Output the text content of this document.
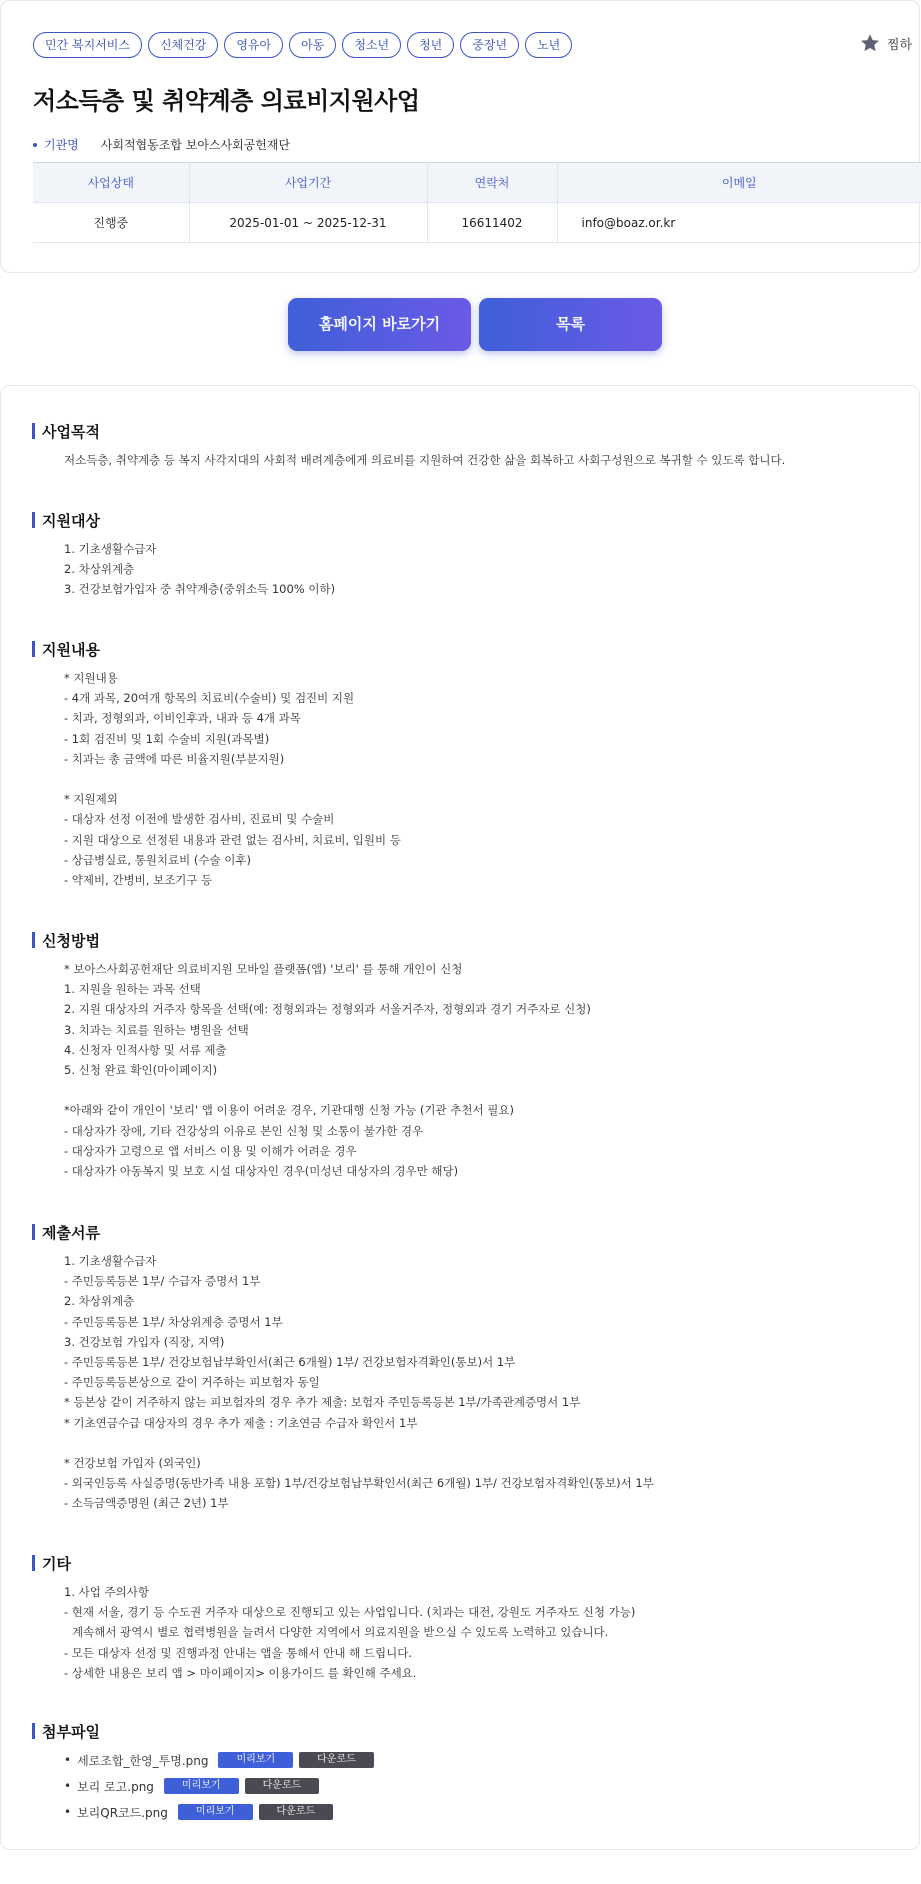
민간 복지서비스	신체건강	영유아	아동	청소년	청년	중장년	노년	찜하
저소득층 및 취약계층 의료비지원사업
기관명 사회적협동조합 보아스사회공헌재단
사업상태	사업기간	연락처	이메일
진행중	2025-01-01 ~ 2025-12-31	16611402	info@boaz.or.kr
홈페이지 바로가기	목록
사업목적
저소득층, 취약계층 등 복지 사각지대의 사회적 배려계층에게 의료비를 지원하여 건강한 삶을 회복하고 사회구성원으로 복귀할 수 있도록 합니다.
지원대상
1. 기초생활수급자
2. 차상위계층
3. 건강보험가입자 중 취약계층(중위소득 100% 이하)
지원내용
* 지원내용
- 4개 과목, 20여개 항목의 치료비(수술비) 및 검진비 지원
- 치과, 정형외과, 이비인후과, 내과 등 4개 과목
- 1회 검진비 및 1회 수술비 지원(과목별)
- 치과는 총 금액에 따른 비율지원(부분지원)
* 지원제외
- 대상자 선정 이전에 발생한 검사비, 진료비 및 수술비
- 지원 대상으로 선정된 내용과 관련 없는 검사비, 치료비, 입원비 등
- 상급병실료, 통원치료비 (수술 이후)
- 약제비, 간병비, 보조기구 등
신청방법
* 보아스사회공헌재단 의료비지원 모바일 플랫폼(앱) '보리' 를 통해 개인이 신청
1. 지원을 원하는 과목 선택
2. 지원 대상자의 거주자 항목을 선택(예: 정형외과는 정형외과 서울거주자, 정형외과 경기 거주자로 신청)
3. 치과는 치료를 원하는 병원을 선택
4. 신청자 인적사항 및 서류 제출
5. 신청 완료 확인(마이페이지)
*아래와 같이 개인이 '보리' 앱 이용이 어려운 경우, 기관대행 신청 가능 (기관 추천서 필요)
- 대상자가 장애, 기타 건강상의 이유로 본인 신청 및 소통이 불가한 경우
- 대상자가 고령으로 앱 서비스 이용 및 이해가 어려운 경우
- 대상자가 아동복지 및 보호 시설 대상자인 경우(미성년 대상자의 경우만 해당)
제출서류
1. 기초생활수급자
- 주민등록등본 1부/ 수급자 증명서 1부
2. 차상위계층
- 주민등록등본 1부/ 차상위계층 증명서 1부
3. 건강보험 가입자 (직장, 지역)
- 주민등록등본 1부/ 건강보험납부확인서(최근 6개월) 1부/ 건강보험자격확인(통보)서 1부
- 주민등록등본상으로 같이 거주하는 피보험자 동일
* 등본상 같이 거주하지 않는 피보험자의 경우 추가 제출: 보험자 주민등록등본 1부/가족관계증명서 1부
* 기초연금수급 대상자의 경우 추가 제출 : 기초연금 수급자 확인서 1부
* 건강보험 가입자 (외국인)
- 외국인등록 사실증명(동반가족 내용 포함) 1부/건강보험납부확인서(최근 6개월) 1부/ 건강보험자격확인(통보)서 1부
- 소득금액증명원 (최근 2년) 1부
기타
1. 사업 주의사항
- 현재 서울, 경기 등 수도권 거주자 대상으로 진행되고 있는 사업입니다. (치과는 대전, 강원도 거주자도 신청 가능)
계속해서 광역시 별로 협력병원을 늘려서 다양한 지역에서 의료지원을 받으실 수 있도록 노력하고 있습니다.
- 모든 대상자 선정 및 진행과정 안내는 앱을 통해서 안내 해 드립니다.
- 상세한 내용은 보리 앱 > 마이페이지> 이용가이드 를 확인해 주세요.
첨부파일
• 세로조합_한영_투명.png	미리보기	다운로드
• 보리 로고.png	미리보기	다운로드
• 보리QR코드.png	미리보기	다운로드
